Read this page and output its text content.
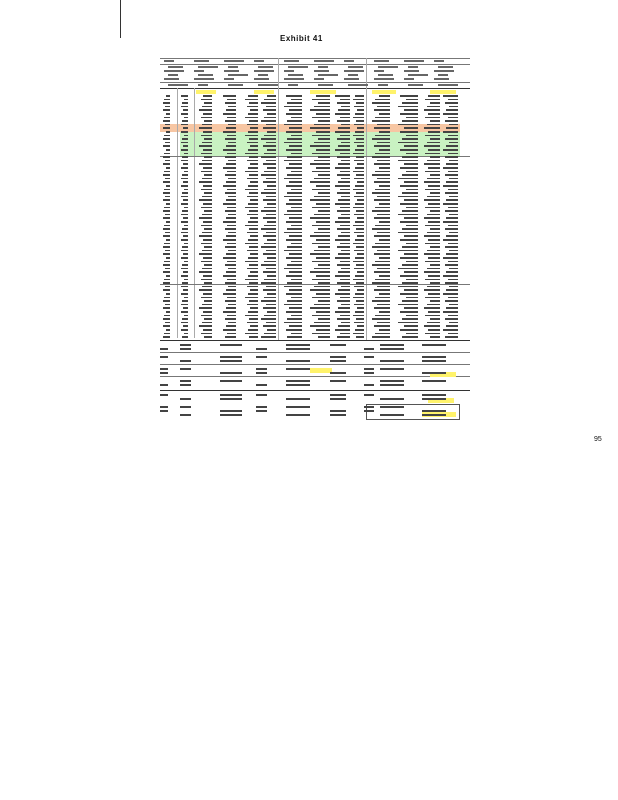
Exhibit 41
95
